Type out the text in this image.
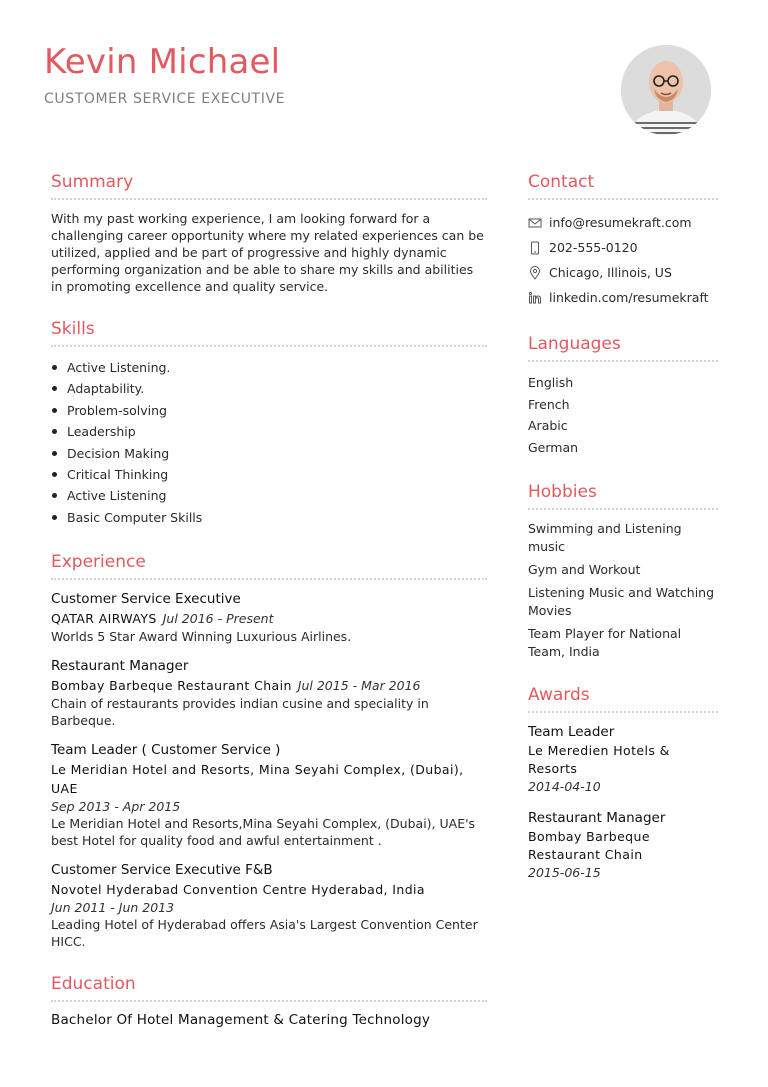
Kevin Michael
CUSTOMER SERVICE EXECUTIVE
Summary
With my past working experience, I am looking forward for a challenging career opportunity where my related experiences can be utilized, applied and be part of progressive and highly dynamic performing organization and be able to share my skills and abilities in promoting excellence and quality service.
Skills
Active Listening.
Adaptability.
Problem-solving
Leadership
Decision Making
Critical Thinking
Active Listening
Basic Computer Skills
Experience
Customer Service Executive
QATAR AIRWAYS Jul 2016 - Present
Worlds 5 Star Award Winning Luxurious Airlines.
Restaurant Manager
Bombay Barbeque Restaurant Chain Jul 2015 - Mar 2016
Chain of restaurants provides indian cusine and speciality in Barbeque.
Team Leader ( Customer Service )
Le Meridian Hotel and Resorts, Mina Seyahi Complex, (Dubai), UAE
Sep 2013 - Apr 2015
Le Meridian Hotel and Resorts,Mina Seyahi Complex, (Dubai), UAE's best Hotel for quality food and awful entertainment .
Customer Service Executive F&B
Novotel Hyderabad Convention Centre Hyderabad, India
Jun 2011 - Jun 2013
Leading Hotel of Hyderabad offers Asia's Largest Convention Center HICC.
Education
Bachelor Of Hotel Management & Catering Technology
Contact
info@resumekraft.com
202-555-0120
Chicago, Illinois, US
linkedin.com/resumekraft
Languages
English
French
Arabic
German
Hobbies
Swimming and Listening music
Gym and Workout
Listening Music and Watching Movies
Team Player for National Team, India
Awards
Team Leader
Le Meredien Hotels & Resorts
2014-04-10
Restaurant Manager
Bombay Barbeque Restaurant Chain
2015-06-15
